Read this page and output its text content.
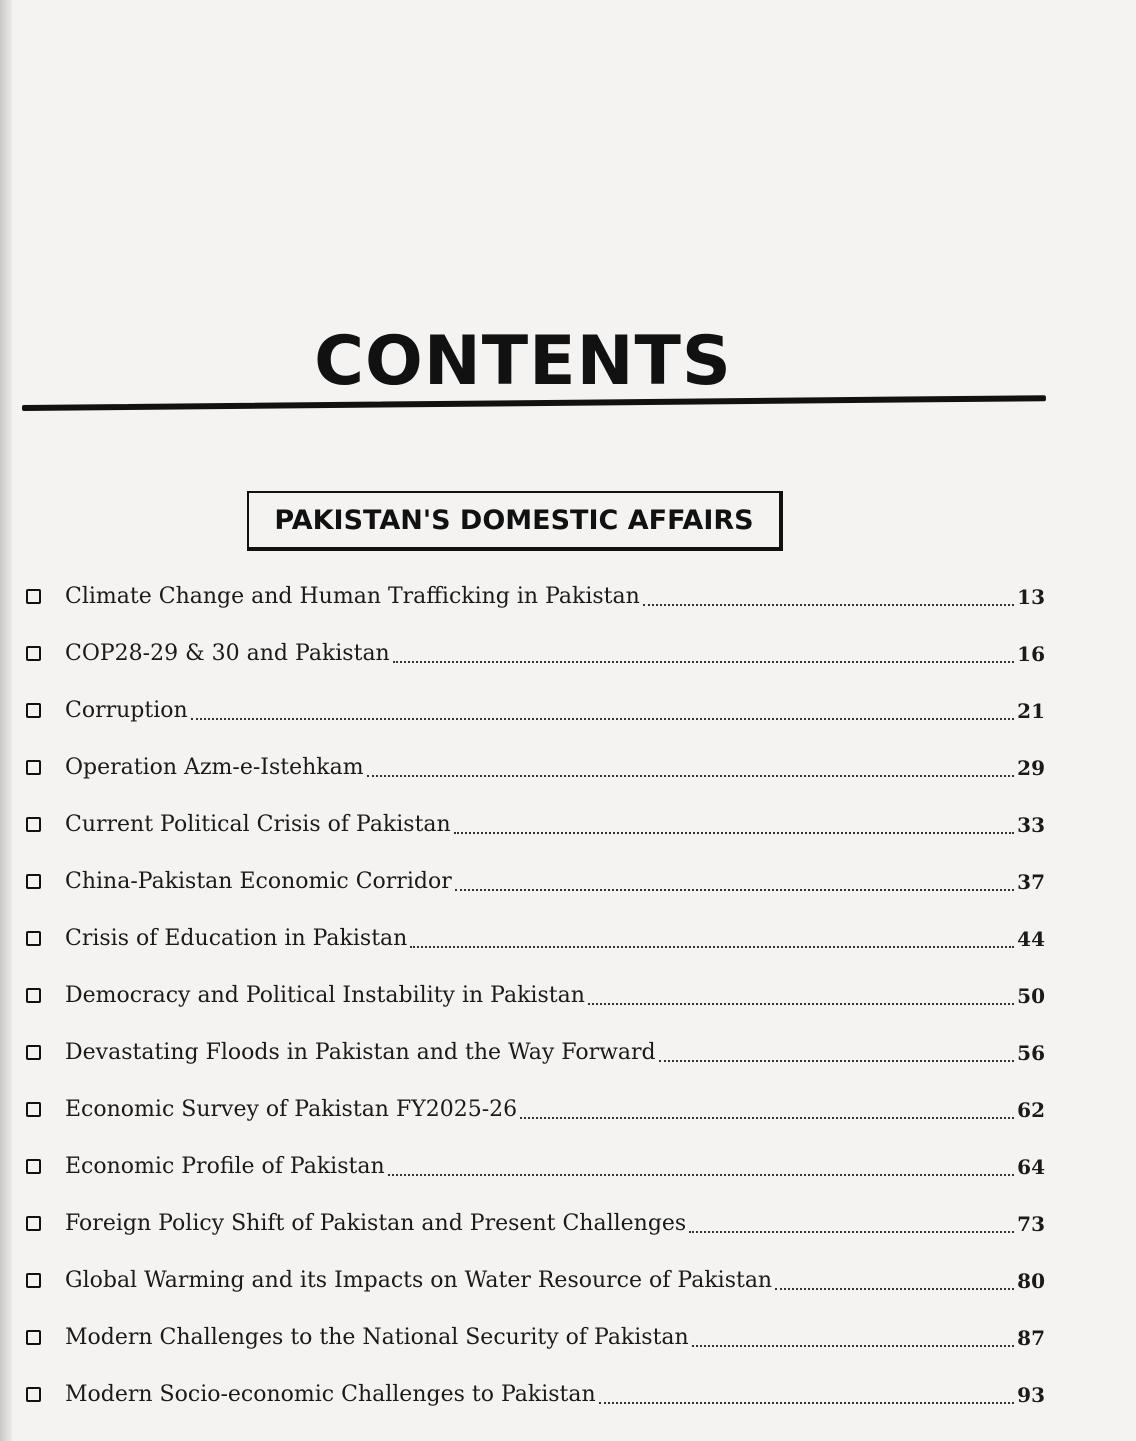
CONTENTS
PAKISTAN'S DOMESTIC AFFAIRS
Climate Change and Human Trafficking in Pakistan	13
COP28-29 & 30 and Pakistan	16
Corruption	21
Operation Azm-e-Istehkam	29
Current Political Crisis of Pakistan	33
China-Pakistan Economic Corridor	37
Crisis of Education in Pakistan	44
Democracy and Political Instability in Pakistan	50
Devastating Floods in Pakistan and the Way Forward	56
Economic Survey of Pakistan FY2025-26	62
Economic Profile of Pakistan	64
Foreign Policy Shift of Pakistan and Present Challenges	73
Global Warming and its Impacts on Water Resource of Pakistan	80
Modern Challenges to the National Security of Pakistan	87
Modern Socio-economic Challenges to Pakistan	93
